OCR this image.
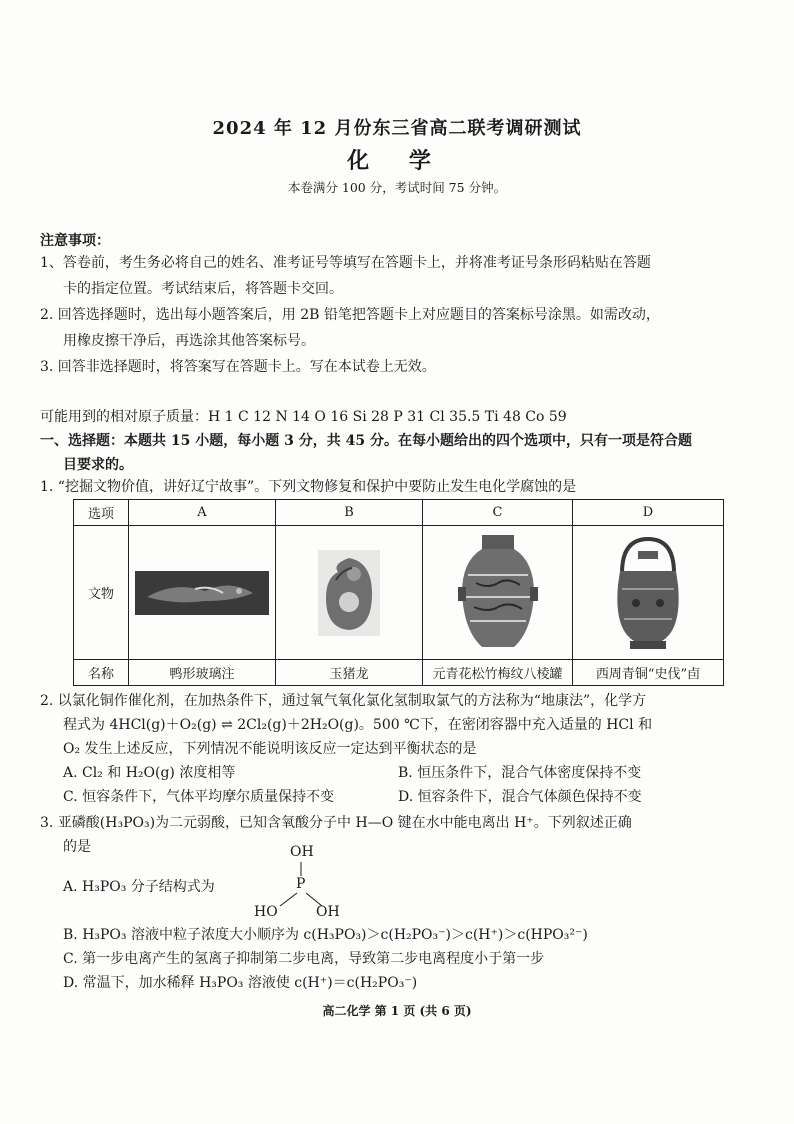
2024 年 12 月份东三省高二联考调研测试
化 学
本卷满分 100 分，考试时间 75 分钟。
注意事项：
1、答卷前，考生务必将自己的姓名、准考证号等填写在答题卡上，并将准考证号条形码粘贴在答题
卡的指定位置。考试结束后，将答题卡交回。
2. 回答选择题时，选出每小题答案后，用 2B 铅笔把答题卡上对应题目的答案标号涂黑。如需改动，
用橡皮擦干净后，再选涂其他答案标号。
3. 回答非选择题时，将答案写在答题卡上。写在本试卷上无效。
可能用到的相对原子质量：H 1 C 12 N 14 O 16 Si 28 P 31 Cl 35.5 Ti 48 Co 59
一、选择题：本题共 15 小题，每小题 3 分，共 45 分。在每小题给出的四个选项中，只有一项是符合题
目要求的。
1. “挖掘文物价值，讲好辽宁故事”。下列文物修复和保护中要防止发生电化学腐蚀的是
选项	A	B	C	D
文物
名称	鸭形玻璃注	玉猪龙	元青花松竹梅纹八棱罐	西周青铜“史伐”卣
2. 以氯化铜作催化剂，在加热条件下，通过氧气氧化氯化氢制取氯气的方法称为“地康法”，化学方
程式为 4HCl(g)＋O₂(g) ⇌ 2Cl₂(g)＋2H₂O(g)。500 ℃下，在密闭容器中充入适量的 HCl 和
O₂ 发生上述反应，下列情况不能说明该反应一定达到平衡状态的是
A. Cl₂ 和 H₂O(g) 浓度相等	B. 恒压条件下，混合气体密度保持不变
C. 恒容条件下，气体平均摩尔质量保持不变	D. 恒容条件下，混合气体颜色保持不变
3. 亚磷酸(H₃PO₃)为二元弱酸，已知含氧酸分子中 H—O 键在水中能电离出 H⁺。下列叙述正确
的是
A. H₃PO₃ 分子结构式为
OH
P
HO	OH
B. H₃PO₃ 溶液中粒子浓度大小顺序为 c(H₃PO₃)＞c(H₂PO₃⁻)＞c(H⁺)＞c(HPO₃²⁻)
C. 第一步电离产生的氢离子抑制第二步电离，导致第二步电离程度小于第一步
D. 常温下，加水稀释 H₃PO₃ 溶液使 c(H⁺)＝c(H₂PO₃⁻)
高二化学 第 1 页 (共 6 页)
